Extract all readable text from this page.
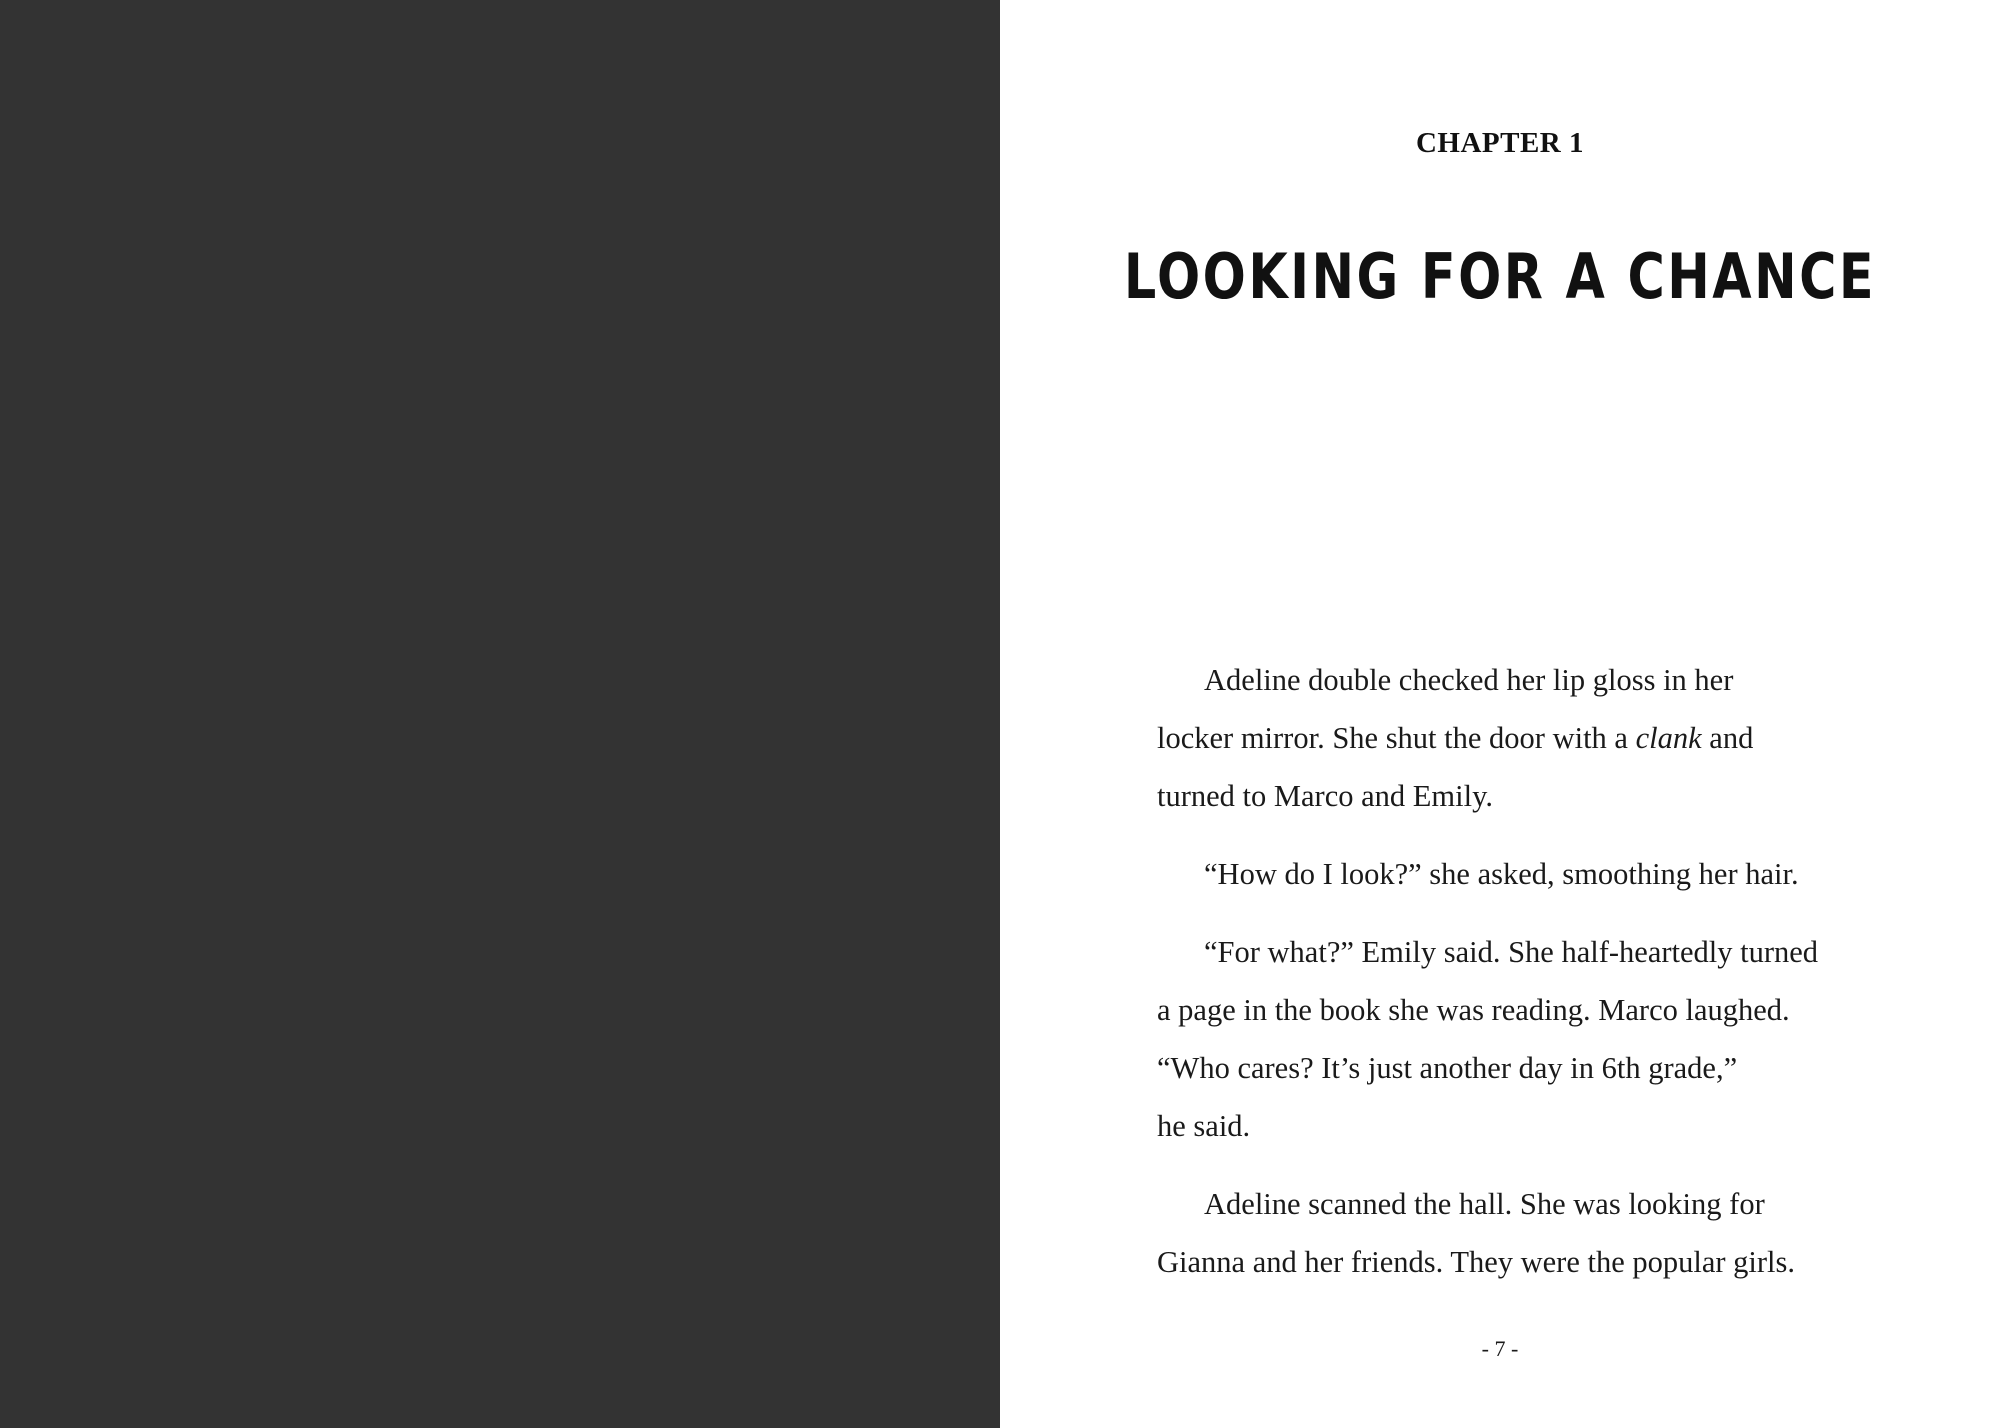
CHAPTER 1
LOOKING FOR A CHANCE

Adeline double checked her lip gloss in her
locker mirror. She shut the door with a clank and
turned to Marco and Emily.

“How do I look?” she asked, smoothing her hair.

“For what?” Emily said. She half-heartedly turned
a page in the book she was reading. Marco laughed.
“Who cares? It’s just another day in 6th grade,”
he said.

Adeline scanned the hall. She was looking for
Gianna and her friends. They were the popular girls.

- 7 -
